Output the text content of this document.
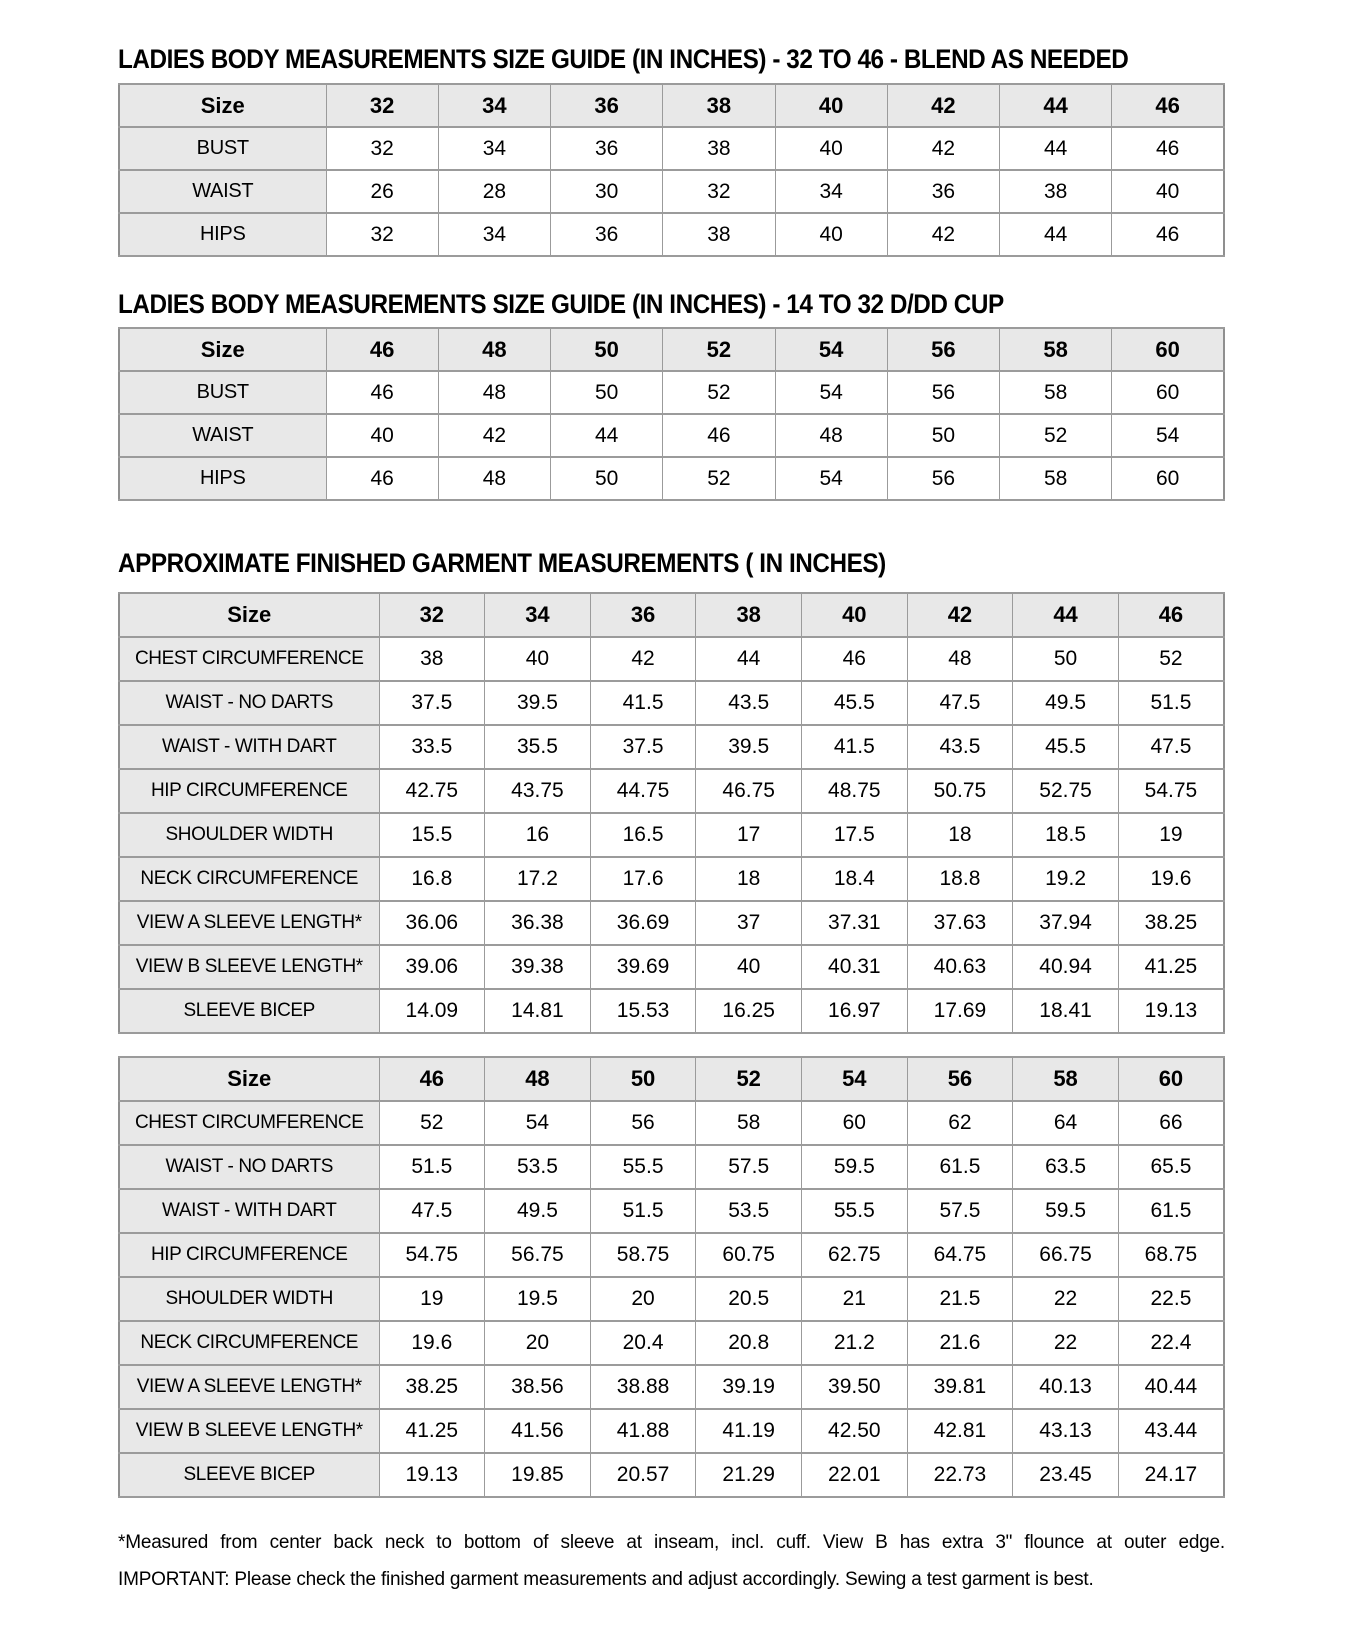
LADIES BODY MEASUREMENTS SIZE GUIDE (IN INCHES) - 32 TO 46 - BLEND AS NEEDED
Size	32	34	36	38	40	42	44	46
BUST	32	34	36	38	40	42	44	46
WAIST	26	28	30	32	34	36	38	40
HIPS	32	34	36	38	40	42	44	46
LADIES BODY MEASUREMENTS SIZE GUIDE (IN INCHES) - 14 TO 32 D/DD CUP
Size	46	48	50	52	54	56	58	60
BUST	46	48	50	52	54	56	58	60
WAIST	40	42	44	46	48	50	52	54
HIPS	46	48	50	52	54	56	58	60
APPROXIMATE FINISHED GARMENT MEASUREMENTS ( IN INCHES)
Size	32	34	36	38	40	42	44	46
CHEST CIRCUMFERENCE	38	40	42	44	46	48	50	52
WAIST - NO DARTS	37.5	39.5	41.5	43.5	45.5	47.5	49.5	51.5
WAIST - WITH DART	33.5	35.5	37.5	39.5	41.5	43.5	45.5	47.5
HIP CIRCUMFERENCE	42.75	43.75	44.75	46.75	48.75	50.75	52.75	54.75
SHOULDER WIDTH	15.5	16	16.5	17	17.5	18	18.5	19
NECK CIRCUMFERENCE	16.8	17.2	17.6	18	18.4	18.8	19.2	19.6
VIEW A SLEEVE LENGTH*	36.06	36.38	36.69	37	37.31	37.63	37.94	38.25
VIEW B SLEEVE LENGTH*	39.06	39.38	39.69	40	40.31	40.63	40.94	41.25
SLEEVE BICEP	14.09	14.81	15.53	16.25	16.97	17.69	18.41	19.13
Size	46	48	50	52	54	56	58	60
CHEST CIRCUMFERENCE	52	54	56	58	60	62	64	66
WAIST - NO DARTS	51.5	53.5	55.5	57.5	59.5	61.5	63.5	65.5
WAIST - WITH DART	47.5	49.5	51.5	53.5	55.5	57.5	59.5	61.5
HIP CIRCUMFERENCE	54.75	56.75	58.75	60.75	62.75	64.75	66.75	68.75
SHOULDER WIDTH	19	19.5	20	20.5	21	21.5	22	22.5
NECK CIRCUMFERENCE	19.6	20	20.4	20.8	21.2	21.6	22	22.4
VIEW A SLEEVE LENGTH*	38.25	38.56	38.88	39.19	39.50	39.81	40.13	40.44
VIEW B SLEEVE LENGTH*	41.25	41.56	41.88	41.19	42.50	42.81	43.13	43.44
SLEEVE BICEP	19.13	19.85	20.57	21.29	22.01	22.73	23.45	24.17

*Measured from center back neck to bottom of sleeve at inseam, incl. cuff. View B has extra 3" flounce at outer edge.

IMPORTANT: Please check the finished garment measurements and adjust accordingly. Sewing a test garment is best.
